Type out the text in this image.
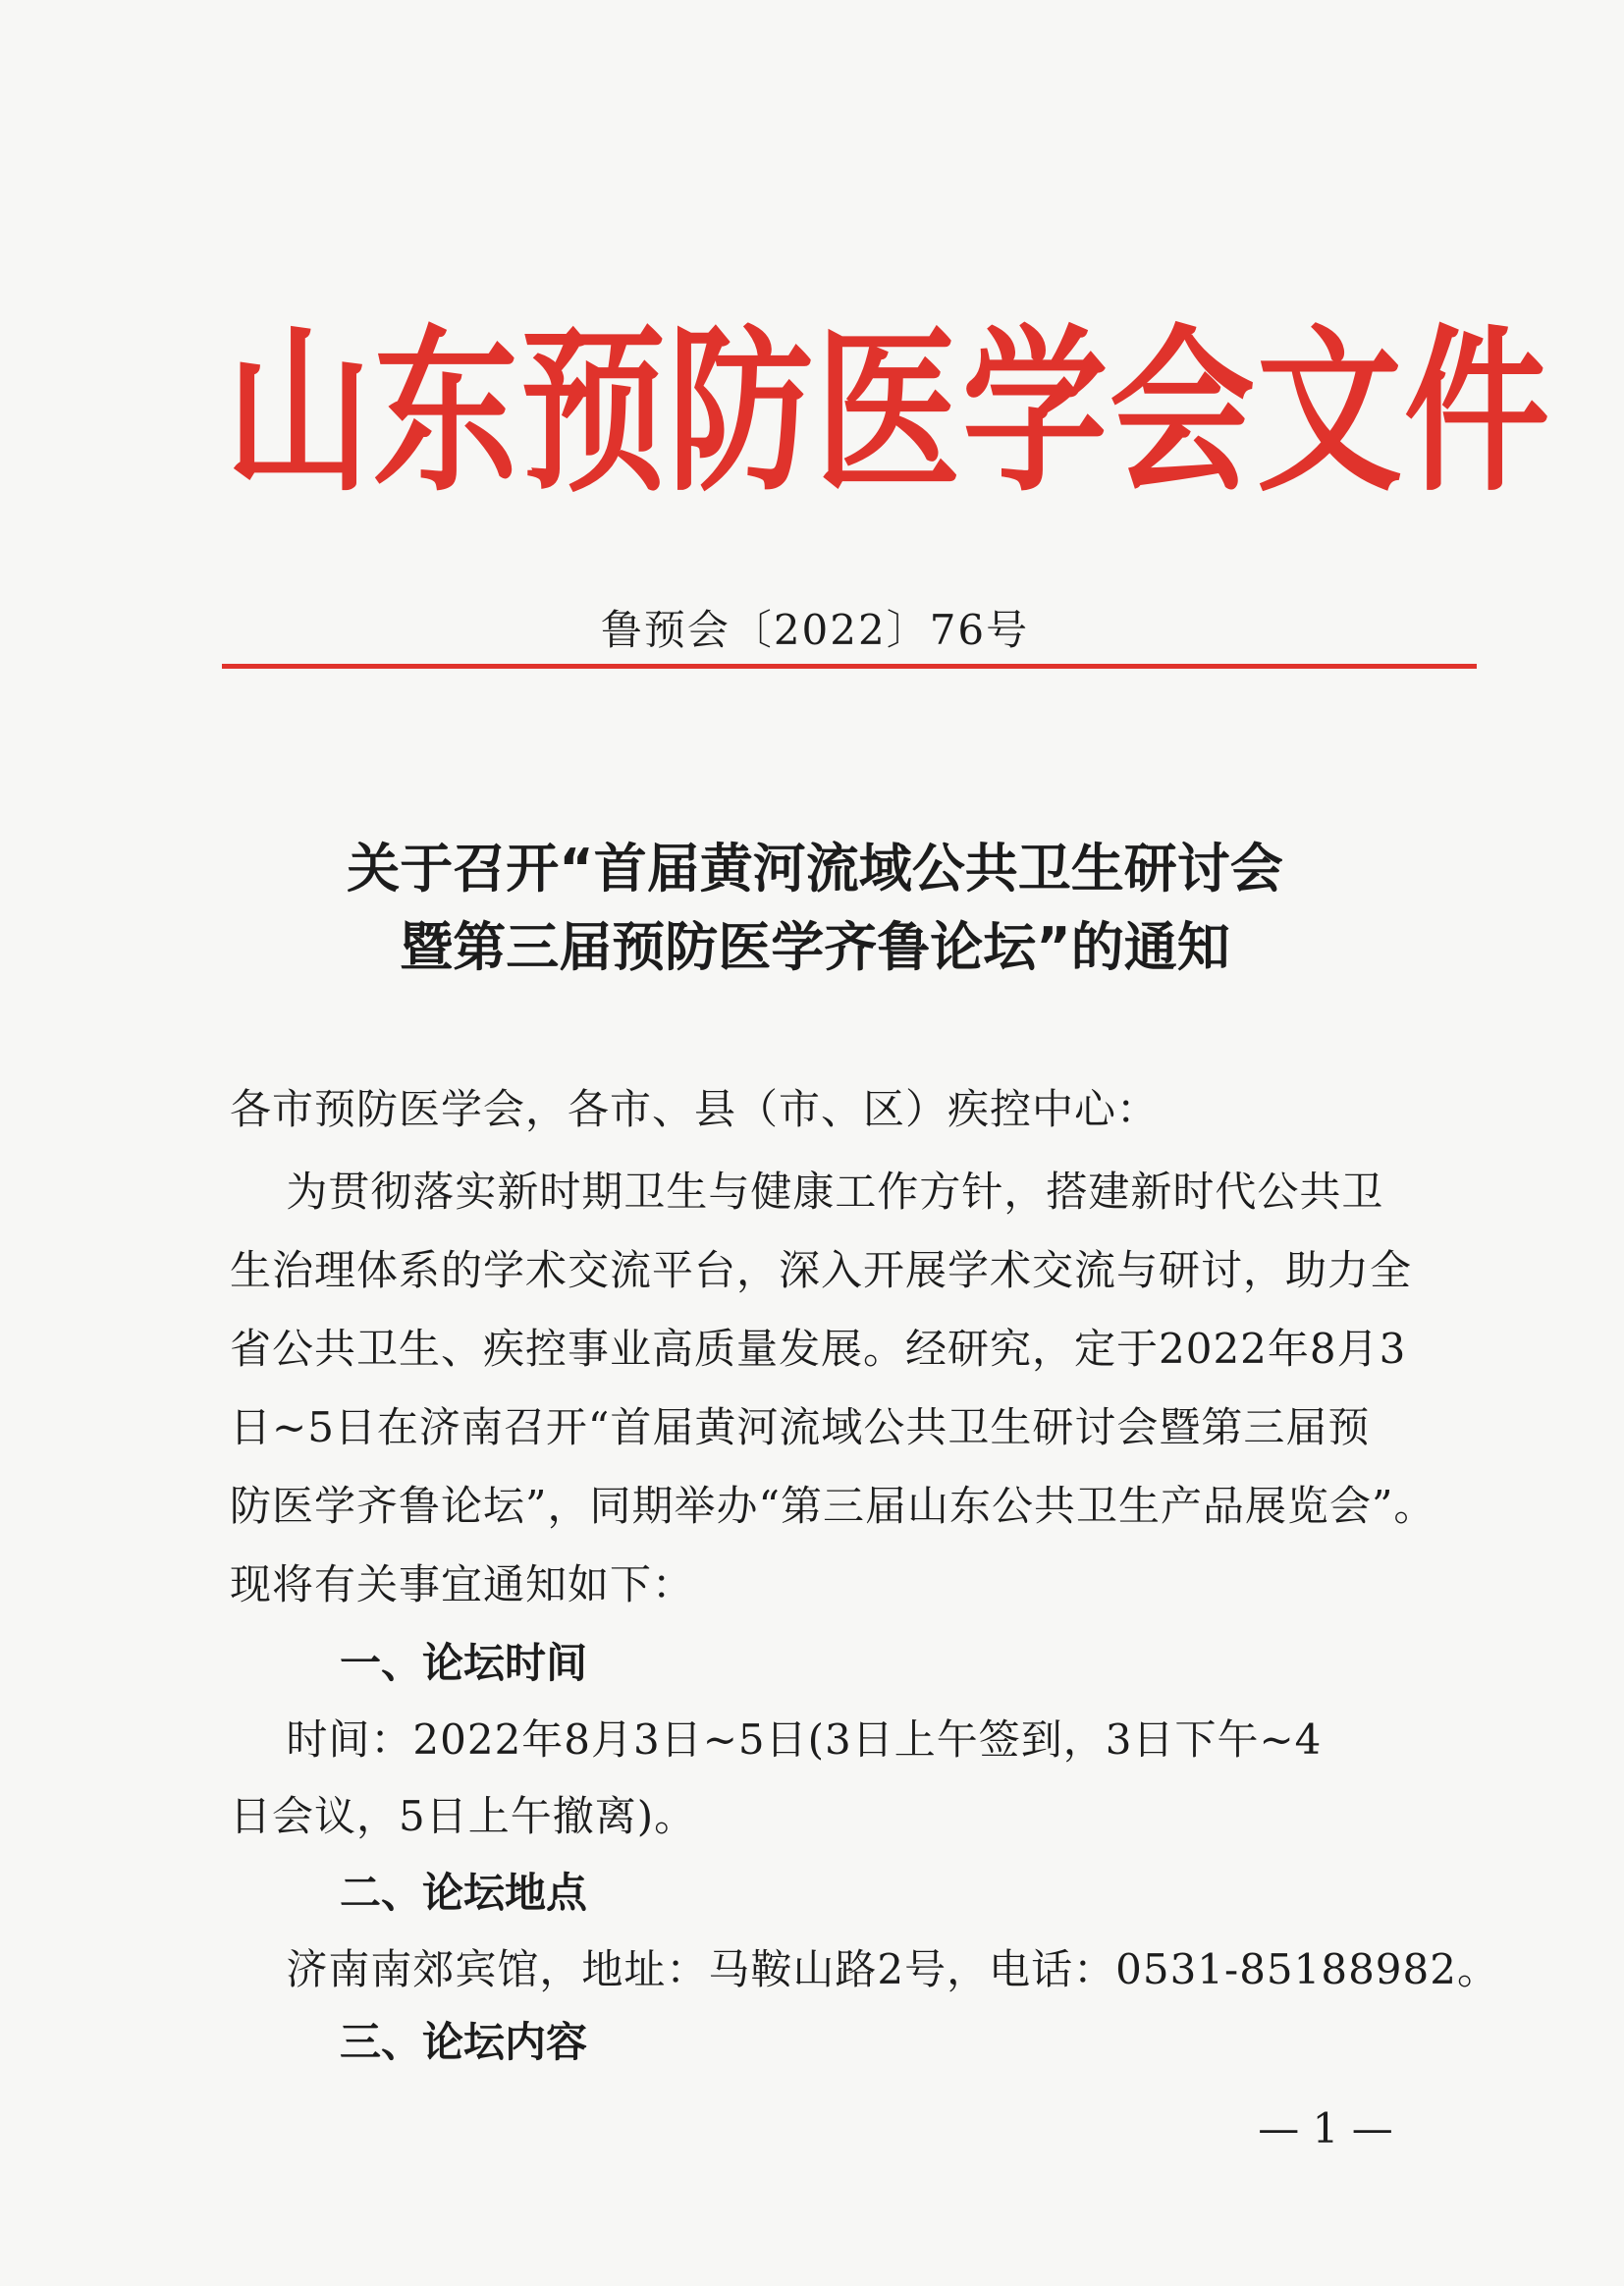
山东预防医学会文件
鲁预会〔2022〕76号
关于召开“首届黄河流域公共卫生研讨会
暨第三届预防医学齐鲁论坛”的通知
各市预防医学会，各市、县（市、区）疾控中心：
为贯彻落实新时期卫生与健康工作方针，搭建新时代公共卫
生治理体系的学术交流平台，深入开展学术交流与研讨，助力全
省公共卫生、疾控事业高质量发展。经研究，定于2022年8月3
日~5日在济南召开“首届黄河流域公共卫生研讨会暨第三届预
防医学齐鲁论坛”，同期举办“第三届山东公共卫生产品展览会”。
现将有关事宜通知如下：
一、论坛时间
时间：2022年8月3日~5日(3日上午签到，3日下午~4
日会议，5日上午撤离)。
二、论坛地点
济南南郊宾馆，地址：马鞍山路2号，电话：0531-85188982。
三、论坛内容
— 1 —
